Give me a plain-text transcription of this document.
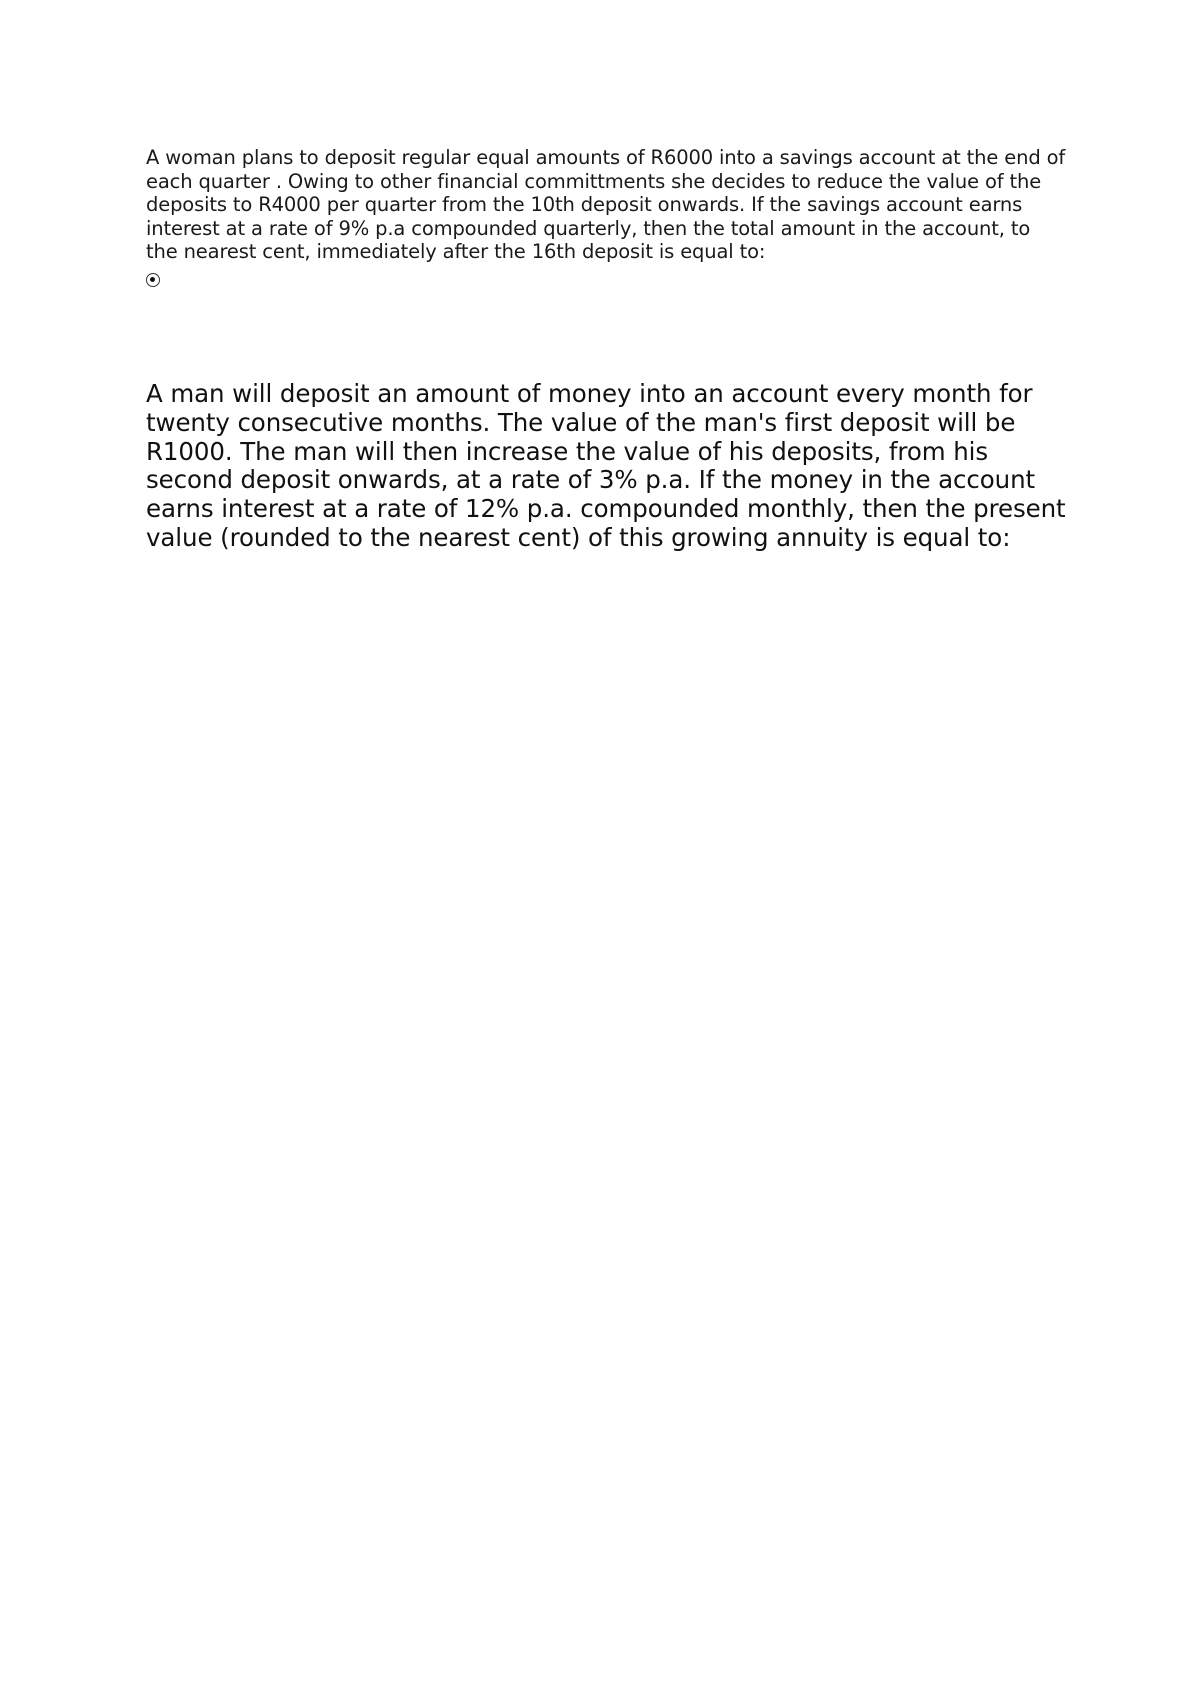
A woman plans to deposit regular equal amounts of R6000 into a savings account at the end of each quarter . Owing to other financial committments she decides to reduce the value of the deposits to R4000 per quarter from the 10th deposit onwards. If the savings account earns interest at a rate of 9% p.a compounded quarterly, then the total amount in the account, to the nearest cent, immediately after the 16th deposit is equal to:
A man will deposit an amount of money into an account every month for twenty consecutive months. The value of the man's first deposit will be R1000. The man will then increase the value of his deposits, from his second deposit onwards, at a rate of 3% p.a. If the money in the account earns interest at a rate of 12% p.a. compounded monthly, then the present value (rounded to the nearest cent) of this growing annuity is equal to:
